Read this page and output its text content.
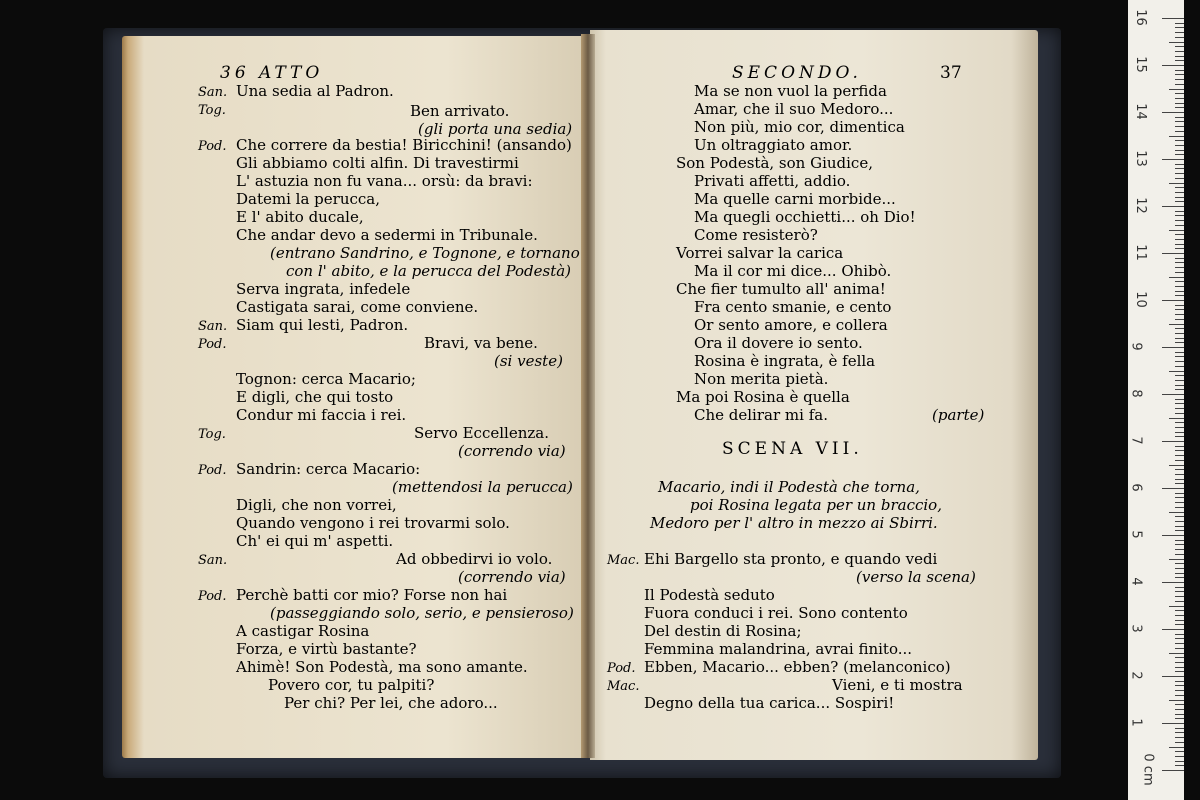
36 ATTO
San. Una sedia al Padron.
Tog.	Ben arrivato.
(gli porta una sedia)
Pod. Che correre da bestia! Biricchini! (ansando)
Gli abbiamo colti alfin. Di travestirmi
L' astuzia non fu vana... orsù: da bravi:
Datemi la perucca,
E l' abito ducale,
Che andar devo a sedermi in Tribunale.
(entrano Sandrino, e Tognone, e tornano
con l' abito, e la perucca del Podestà)
Serva ingrata, infedele
Castigata sarai, come conviene.
San. Siam qui lesti, Padron.
Pod.	Bravi, va bene.
(si veste)
Tognon: cerca Macario;
E digli, che qui tosto
Condur mi faccia i rei.
Tog.	Servo Eccellenza.
(correndo via)
Pod. Sandrin: cerca Macario:
(mettendosi la perucca)
Digli, che non vorrei,
Quando vengono i rei trovarmi solo.
Ch' ei qui m' aspetti.
San.	Ad obbedirvi io volo.
(correndo via)
Pod. Perchè batti cor mio? Forse non hai
(passeggiando solo, serio, e pensieroso)
A castigar Rosina
Forza, e virtù bastante?
Ahimè! Son Podestà, ma sono amante.
Povero cor, tu palpiti?
Per chi? Per lei, che adoro...
SECONDO.	37
Ma se non vuol la perfida
Amar, che il suo Medoro...
Non più, mio cor, dimentica
Un oltraggiato amor.
Son Podestà, son Giudice,
Privati affetti, addio.
Ma quelle carni morbide...
Ma quegli occhietti... oh Dio!
Come resisterò?
Vorrei salvar la carica
Ma il cor mi dice... Ohibò.
Che fier tumulto all' anima!
Fra cento smanie, e cento
Or sento amore, e collera
Ora il dovere io sento.
Rosina è ingrata, è fella
Non merita pietà.
Ma poi Rosina è quella
Che delirar mi fa.	(parte)
SCENA VII.
Macario, indi il Podestà che torna,
poi Rosina legata per un braccio,
Medoro per l' altro in mezzo ai Sbirri.
Mac. Ehi Bargello sta pronto, e quando vedi
(verso la scena)
Il Podestà seduto
Fuora conduci i rei. Sono contento
Del destin di Rosina;
Femmina malandrina, avrai finito...
Pod. Ebben, Macario... ebben? (melanconico)
Mac.	Vieni, e ti mostra
Degno della tua carica... Sospiri!
0 cm
1
2
3
4
5
6
7
8
9
10
11
12
13
14
15
16
